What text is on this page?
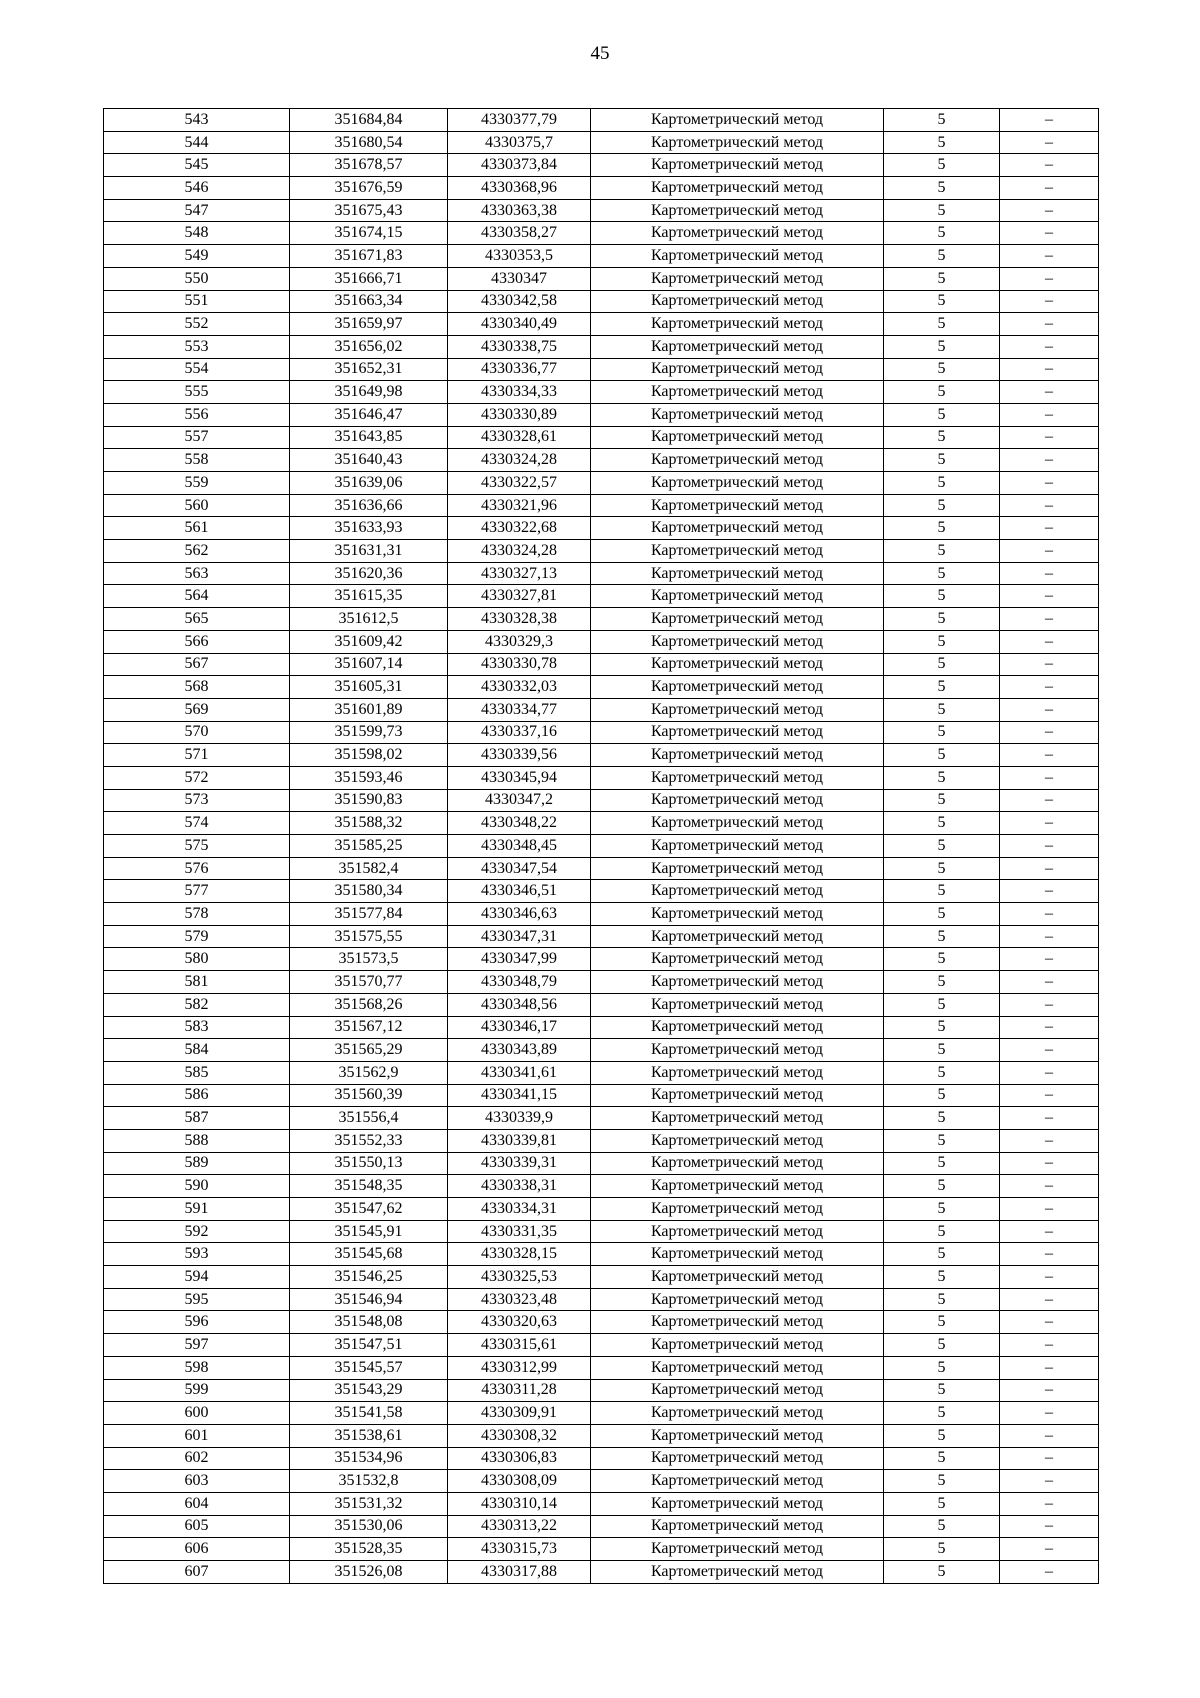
45
543	351684,84	4330377,79	Картометрический метод	5	–
544	351680,54	4330375,7	Картометрический метод	5	–
545	351678,57	4330373,84	Картометрический метод	5	–
546	351676,59	4330368,96	Картометрический метод	5	–
547	351675,43	4330363,38	Картометрический метод	5	–
548	351674,15	4330358,27	Картометрический метод	5	–
549	351671,83	4330353,5	Картометрический метод	5	–
550	351666,71	4330347	Картометрический метод	5	–
551	351663,34	4330342,58	Картометрический метод	5	–
552	351659,97	4330340,49	Картометрический метод	5	–
553	351656,02	4330338,75	Картометрический метод	5	–
554	351652,31	4330336,77	Картометрический метод	5	–
555	351649,98	4330334,33	Картометрический метод	5	–
556	351646,47	4330330,89	Картометрический метод	5	–
557	351643,85	4330328,61	Картометрический метод	5	–
558	351640,43	4330324,28	Картометрический метод	5	–
559	351639,06	4330322,57	Картометрический метод	5	–
560	351636,66	4330321,96	Картометрический метод	5	–
561	351633,93	4330322,68	Картометрический метод	5	–
562	351631,31	4330324,28	Картометрический метод	5	–
563	351620,36	4330327,13	Картометрический метод	5	–
564	351615,35	4330327,81	Картометрический метод	5	–
565	351612,5	4330328,38	Картометрический метод	5	–
566	351609,42	4330329,3	Картометрический метод	5	–
567	351607,14	4330330,78	Картометрический метод	5	–
568	351605,31	4330332,03	Картометрический метод	5	–
569	351601,89	4330334,77	Картометрический метод	5	–
570	351599,73	4330337,16	Картометрический метод	5	–
571	351598,02	4330339,56	Картометрический метод	5	–
572	351593,46	4330345,94	Картометрический метод	5	–
573	351590,83	4330347,2	Картометрический метод	5	–
574	351588,32	4330348,22	Картометрический метод	5	–
575	351585,25	4330348,45	Картометрический метод	5	–
576	351582,4	4330347,54	Картометрический метод	5	–
577	351580,34	4330346,51	Картометрический метод	5	–
578	351577,84	4330346,63	Картометрический метод	5	–
579	351575,55	4330347,31	Картометрический метод	5	–
580	351573,5	4330347,99	Картометрический метод	5	–
581	351570,77	4330348,79	Картометрический метод	5	–
582	351568,26	4330348,56	Картометрический метод	5	–
583	351567,12	4330346,17	Картометрический метод	5	–
584	351565,29	4330343,89	Картометрический метод	5	–
585	351562,9	4330341,61	Картометрический метод	5	–
586	351560,39	4330341,15	Картометрический метод	5	–
587	351556,4	4330339,9	Картометрический метод	5	–
588	351552,33	4330339,81	Картометрический метод	5	–
589	351550,13	4330339,31	Картометрический метод	5	–
590	351548,35	4330338,31	Картометрический метод	5	–
591	351547,62	4330334,31	Картометрический метод	5	–
592	351545,91	4330331,35	Картометрический метод	5	–
593	351545,68	4330328,15	Картометрический метод	5	–
594	351546,25	4330325,53	Картометрический метод	5	–
595	351546,94	4330323,48	Картометрический метод	5	–
596	351548,08	4330320,63	Картометрический метод	5	–
597	351547,51	4330315,61	Картометрический метод	5	–
598	351545,57	4330312,99	Картометрический метод	5	–
599	351543,29	4330311,28	Картометрический метод	5	–
600	351541,58	4330309,91	Картометрический метод	5	–
601	351538,61	4330308,32	Картометрический метод	5	–
602	351534,96	4330306,83	Картометрический метод	5	–
603	351532,8	4330308,09	Картометрический метод	5	–
604	351531,32	4330310,14	Картометрический метод	5	–
605	351530,06	4330313,22	Картометрический метод	5	–
606	351528,35	4330315,73	Картометрический метод	5	–
607	351526,08	4330317,88	Картометрический метод	5	–
